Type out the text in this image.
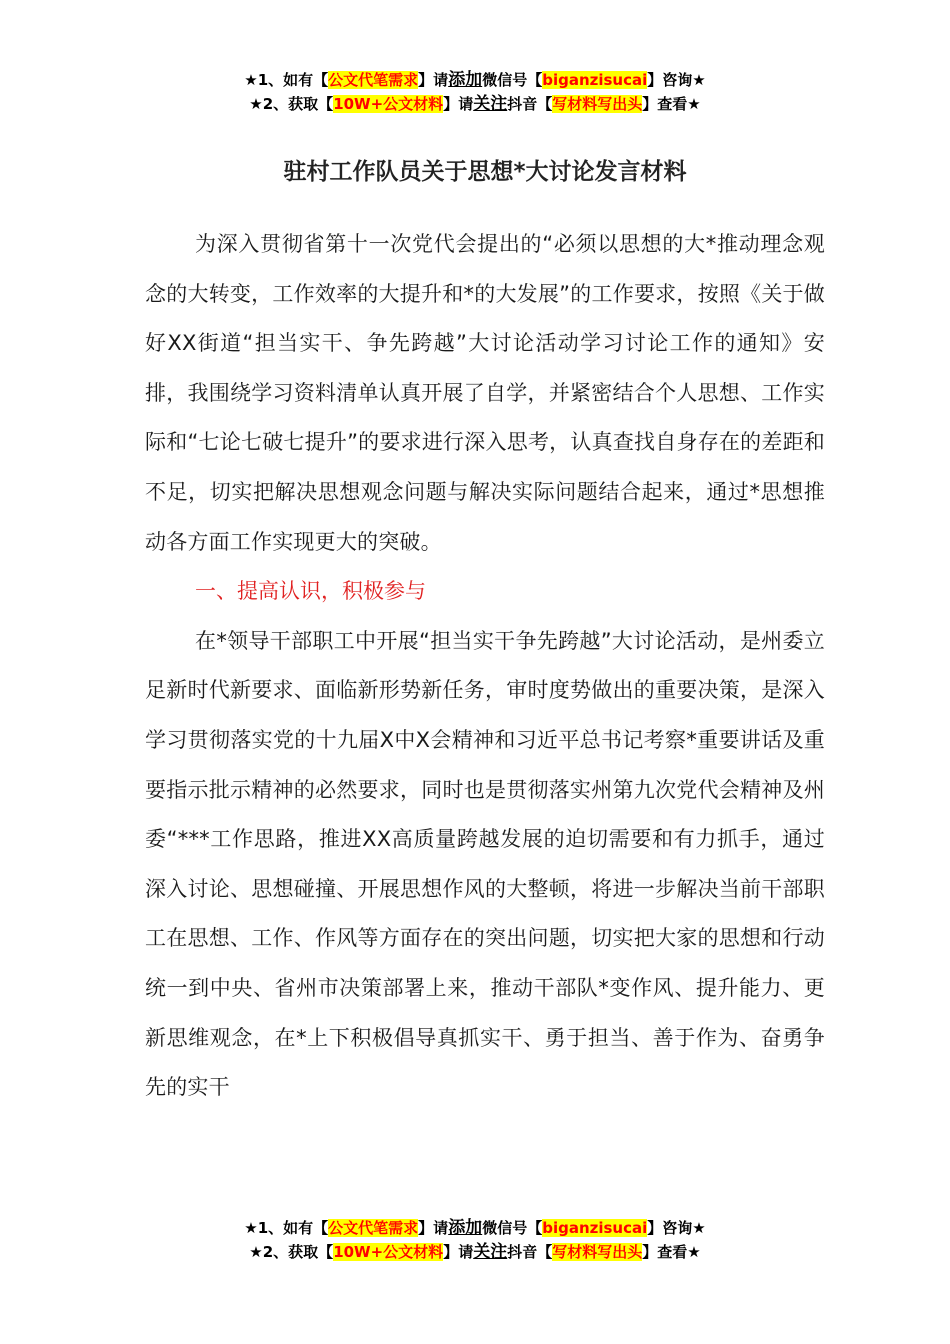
★1、如有【公文代笔需求】请添加微信号【biganzisucai】咨询★
★2、获取【10W+公文材料】请关注抖音【写材料写出头】查看★
驻村工作队员关于思想*大讨论发言材料

为深入贯彻省第十一次党代会提出的“必须以思想的大*推动理念观念的大转变，工作效率的大提升和*的大发展”的工作要求，按照《关于做好XX街道“担当实干、争先跨越”大讨论活动学习讨论工作的通知》安排，我围绕学习资料清单认真开展了自学，并紧密结合个人思想、工作实际和“七论七破七提升”的要求进行深入思考，认真查找自身存在的差距和不足，切实把解决思想观念问题与解决实际问题结合起来，通过*思想推动各方面工作实现更大的突破。

一、提高认识，积极参与

在*领导干部职工中开展“担当实干争先跨越”大讨论活动，是州委立足新时代新要求、面临新形势新任务，审时度势做出的重要决策，是深入学习贯彻落实党的十九届X中X会精神和习近平总书记考察*重要讲话及重要指示批示精神的必然要求，同时也是贯彻落实州第九次党代会精神及州委“***工作思路，推进XX高质量跨越发展的迫切需要和有力抓手，通过深入讨论、思想碰撞、开展思想作风的大整顿，将进一步解决当前干部职工在思想、工作、作风等方面存在的突出问题，切实把大家的思想和行动统一到中央、省州市决策部署上来，推动干部队*变作风、提升能力、更新思维观念，在*上下积极倡导真抓实干、勇于担当、善于作为、奋勇争先的实干

★1、如有【公文代笔需求】请添加微信号【biganzisucai】咨询★
★2、获取【10W+公文材料】请关注抖音【写材料写出头】查看★
